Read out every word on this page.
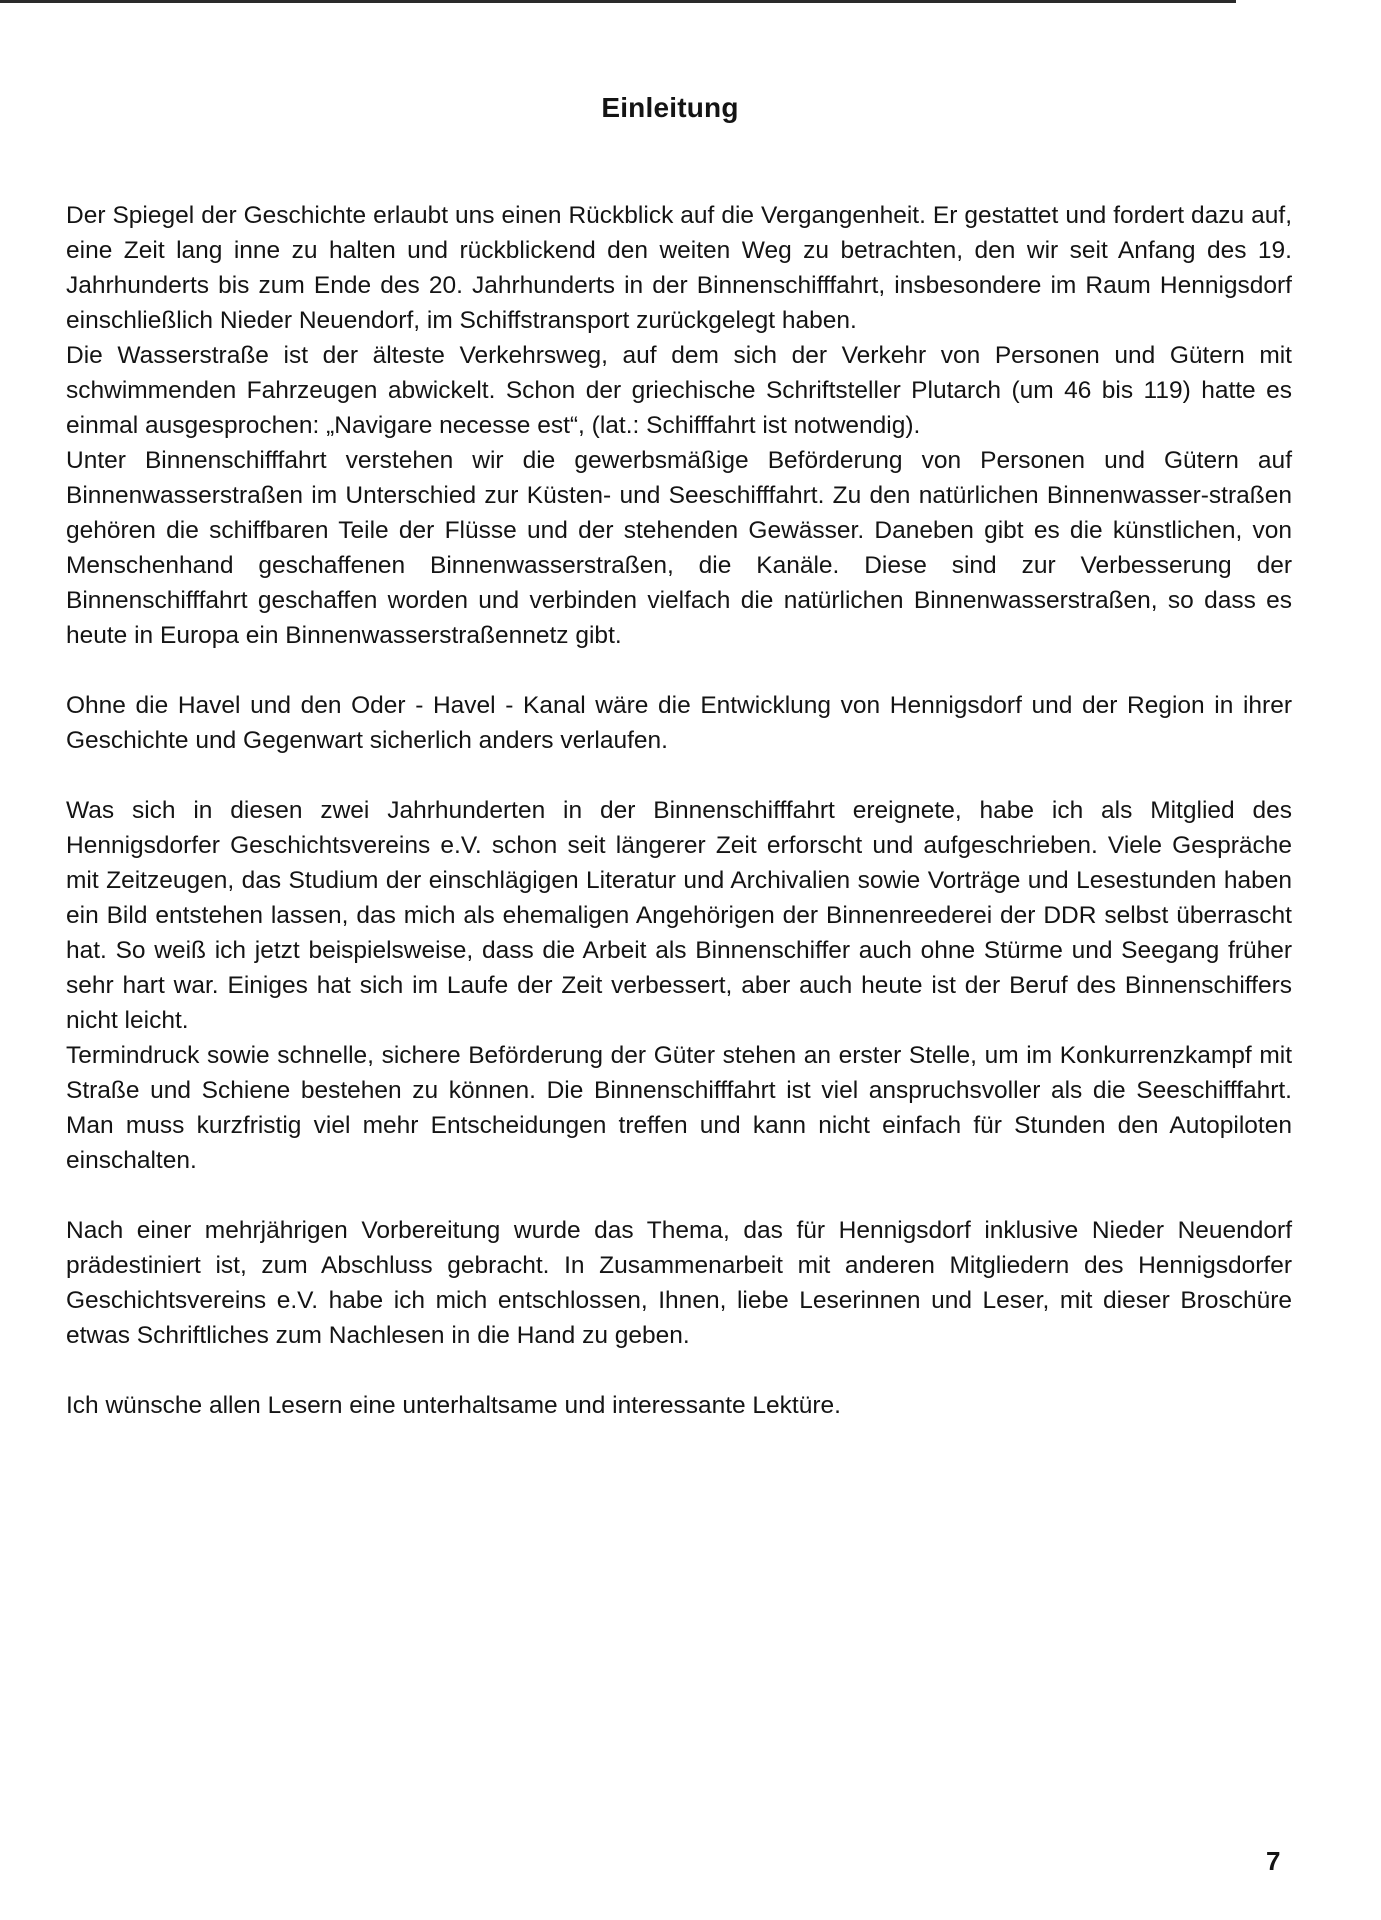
Einleitung

Der Spiegel der Geschichte erlaubt uns einen Rückblick auf die Vergangenheit. Er gestattet und fordert dazu auf, eine Zeit lang inne zu halten und rückblickend den weiten Weg zu betrachten, den wir seit Anfang des 19. Jahrhunderts bis zum Ende des 20. Jahrhunderts in der Binnenschifffahrt, insbesondere im Raum Hennigsdorf einschließlich Nieder Neuendorf, im Schiffstransport zurückgelegt haben.

Die Wasserstraße ist der älteste Verkehrsweg, auf dem sich der Verkehr von Personen und Gütern mit schwimmenden Fahrzeugen abwickelt. Schon der griechische Schriftsteller Plutarch (um 46 bis 119) hatte es einmal ausgesprochen: „Navigare necesse est“, (lat.: Schifffahrt ist notwendig).

Unter Binnenschifffahrt verstehen wir die gewerbsmäßige Beförderung von Personen und Gütern auf Binnenwasserstraßen im Unterschied zur Küsten- und Seeschifffahrt. Zu den natürlichen Binnenwasser-straßen gehören die schiffbaren Teile der Flüsse und der stehenden Gewässer. Daneben gibt es die künstlichen, von Menschenhand geschaffenen Binnenwasserstraßen, die Kanäle. Diese sind zur Verbesserung der Binnenschifffahrt geschaffen worden und verbinden vielfach die natürlichen Binnenwasserstraßen, so dass es heute in Europa ein Binnenwasserstraßennetz gibt.

Ohne die Havel und den Oder - Havel - Kanal wäre die Entwicklung von Hennigsdorf und der Region in ihrer Geschichte und Gegenwart sicherlich anders verlaufen.

Was sich in diesen zwei Jahrhunderten in der Binnenschifffahrt ereignete, habe ich als Mitglied des Hennigsdorfer Geschichtsvereins e.V. schon seit längerer Zeit erforscht und aufgeschrieben. Viele Gespräche mit Zeitzeugen, das Studium der einschlägigen Literatur und Archivalien sowie Vorträge und Lesestunden haben ein Bild entstehen lassen, das mich als ehemaligen Angehörigen der Binnenreederei der DDR selbst überrascht hat. So weiß ich jetzt beispielsweise, dass die Arbeit als Binnenschiffer auch ohne Stürme und Seegang früher sehr hart war. Einiges hat sich im Laufe der Zeit verbessert, aber auch heute ist der Beruf des Binnenschiffers nicht leicht.

Termindruck sowie schnelle, sichere Beförderung der Güter stehen an erster Stelle, um im Konkurrenzkampf mit Straße und Schiene bestehen zu können. Die Binnenschifffahrt ist viel anspruchsvoller als die Seeschifffahrt. Man muss kurzfristig viel mehr Entscheidungen treffen und kann nicht einfach für Stunden den Autopiloten einschalten.

Nach einer mehrjährigen Vorbereitung wurde das Thema, das für Hennigsdorf inklusive Nieder Neuendorf prädestiniert ist, zum Abschluss gebracht. In Zusammenarbeit mit anderen Mitgliedern des Hennigsdorfer Geschichtsvereins e.V. habe ich mich entschlossen, Ihnen, liebe Leserinnen und Leser, mit dieser Broschüre etwas Schriftliches zum Nachlesen in die Hand zu geben.

Ich wünsche allen Lesern eine unterhaltsame und interessante Lektüre.

7
